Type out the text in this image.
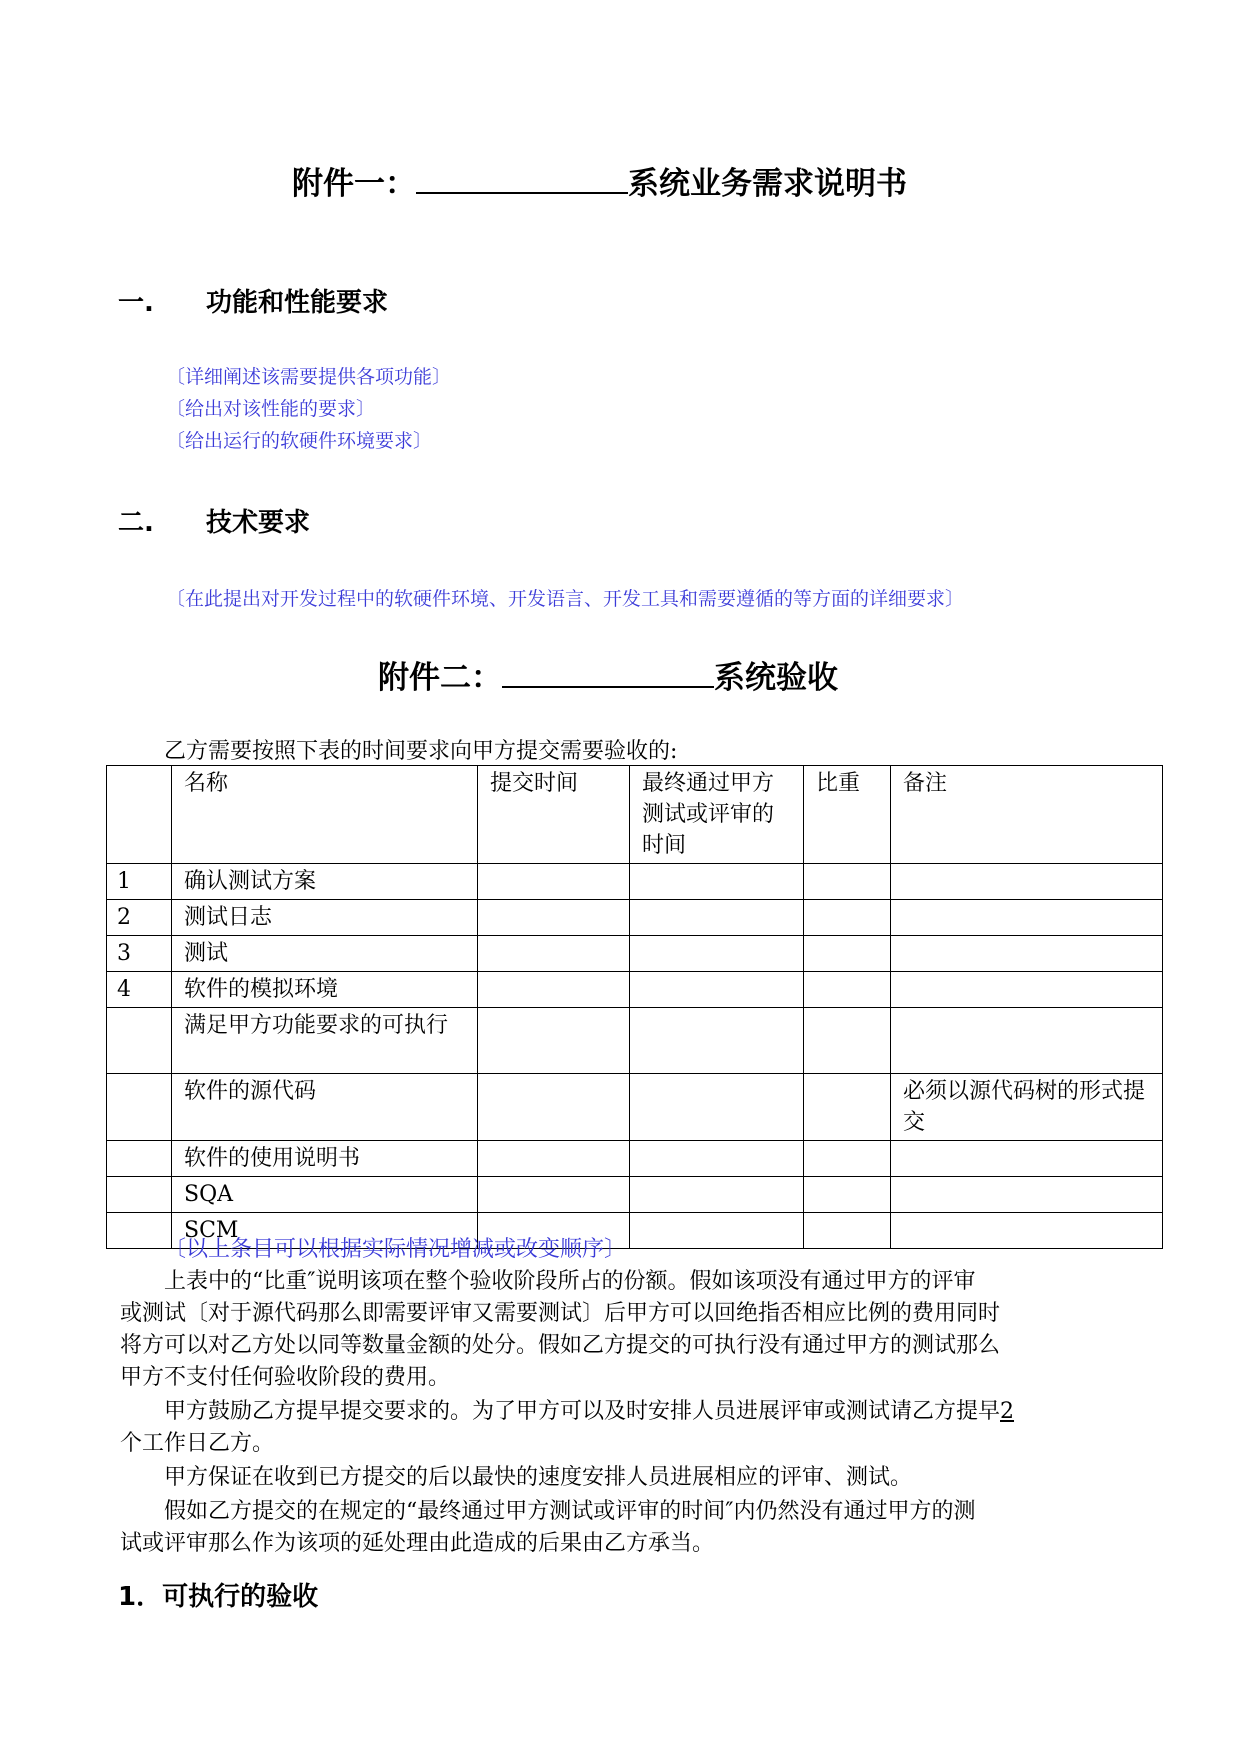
附件一：	系统业务需求说明书
一. 功能和性能要求
〔详细阐述该需要提供各项功能〕
〔给出对该性能的要求〕
〔给出运行的软硬件环境要求〕
二. 技术要求
〔在此提出对开发过程中的软硬件环境、开发语言、开发工具和需要遵循的等方面的详细要求〕
附件二：	系统验收
乙方需要按照下表的时间要求向甲方提交需要验收的:
	名称	提交时间	最终通过甲方测试或评审的时间	比重	备注
1	确认测试方案				
2	测试日志				
3	测试				
4	软件的模拟环境				
	满足甲方功能要求的可执行				
	软件的源代码				必须以源代码树的形式提交
	软件的使用说明书				
	SQA				
	SCM				
〔以上条目可以根据实际情况增减或改变顺序〕
上表中的“比重″说明该项在整个验收阶段所占的份额。假如该项没有通过甲方的评审
或测试〔对于源代码那么即需要评审又需要测试〕后甲方可以回绝指否相应比例的费用同时
将方可以对乙方处以同等数量金额的处分。假如乙方提交的可执行没有通过甲方的测试那么
甲方不支付任何验收阶段的费用。
甲方鼓励乙方提早提交要求的。为了甲方可以及时安排人员进展评审或测试请乙方提早2
个工作日乙方。
甲方保证在收到已方提交的后以最快的速度安排人员进展相应的评审、测试。
假如乙方提交的在规定的“最终通过甲方测试或评审的时间″内仍然没有通过甲方的测
试或评审那么作为该项的延处理由此造成的后果由乙方承当。
1．可执行的验收
